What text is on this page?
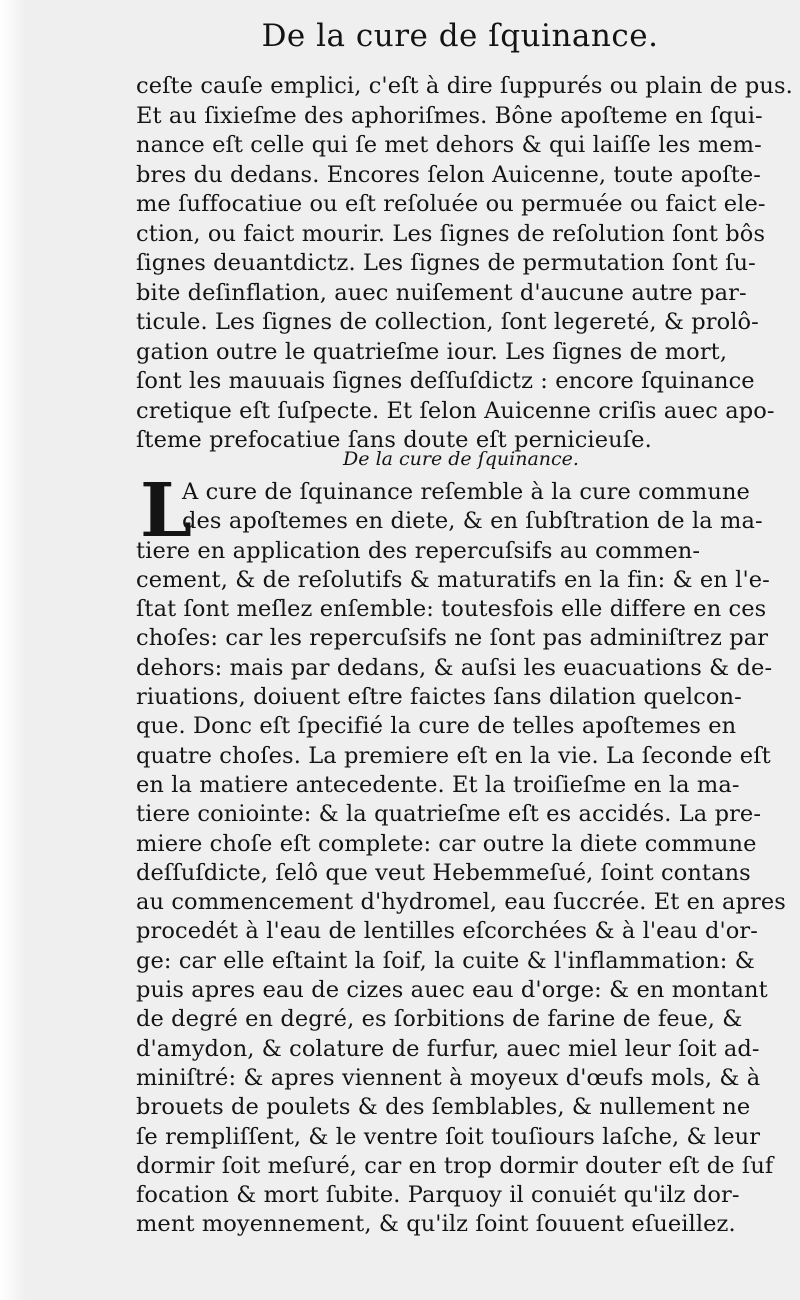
De la cure de ſquinance.
ceſte cauſe emplici, c'eſt à dire ſuppurés ou plain de pus.
Et au ſixieſme des aphoriſmes. Bône apoſteme en ſqui-
nance eſt celle qui ſe met dehors & qui laiſſe les mem-
bres du dedans. Encores ſelon Auicenne, toute apoſte-
me ſuffocatiue ou eſt reſoluée ou permuée ou faict ele-
ction, ou faict mourir. Les ſignes de reſolution ſont bôs
ſignes deuantdictz. Les ſignes de permutation ſont ſu-
bite deſinflation, auec nuiſement d'aucune autre par-
ticule. Les ſignes de collection, ſont legereté, & prolô-
gation outre le quatrieſme iour. Les ſignes de mort,
ſont les mauuais ſignes deſſuſdictz : encore ſquinance
cretique eſt ſuſpecte. Et ſelon Auicenne criſis auec apo-
ſteme prefocatiue ſans doute eſt pernicieuſe.
De la cure de ſquinance.
L
A cure de ſquinance reſemble à la cure commune
des apoſtemes en diete, & en ſubſtration de la ma-
tiere en application des repercuſsifs au commen-
cement, & de reſolutifs & maturatifs en la fin: & en l'e-
ſtat ſont meſlez enſemble: toutesfois elle differe en ces
choſes: car les repercuſsifs ne ſont pas adminiſtrez par
dehors: mais par dedans, & auſsi les euacuations & de-
riuations, doiuent eſtre faictes ſans dilation quelcon-
que. Donc eſt ſpecifié la cure de telles apoſtemes en
quatre choſes. La premiere eſt en la vie. La ſeconde eſt
en la matiere antecedente. Et la troiſieſme en la ma-
tiere coniointe: & la quatrieſme eſt es accidés. La pre-
miere choſe eſt complete: car outre la diete commune
deſſuſdicte, ſelô que veut Hebemmeſué, ſoint contans
au commencement d'hydromel, eau ſuccrée. Et en apres
procedét à l'eau de lentilles eſcorchées & à l'eau d'or-
ge: car elle eſtaint la ſoif, la cuite & l'inflammation: &
puis apres eau de cizes auec eau d'orge: & en montant
de degré en degré, es ſorbitions de farine de feue, &
d'amydon, & colature de furfur, auec miel leur ſoit ad-
miniſtré: & apres viennent à moyeux d'œufs mols, & à
brouets de poulets & des ſemblables, & nullement ne
ſe rempliſſent, & le ventre ſoit touſiours laſche, & leur
dormir ſoit meſuré, car en trop dormir douter eſt de ſuf
focation & mort ſubite. Parquoy il conuiét qu'ilz dor-
ment moyennement, & qu'ilz ſoint ſouuent eſueillez.
